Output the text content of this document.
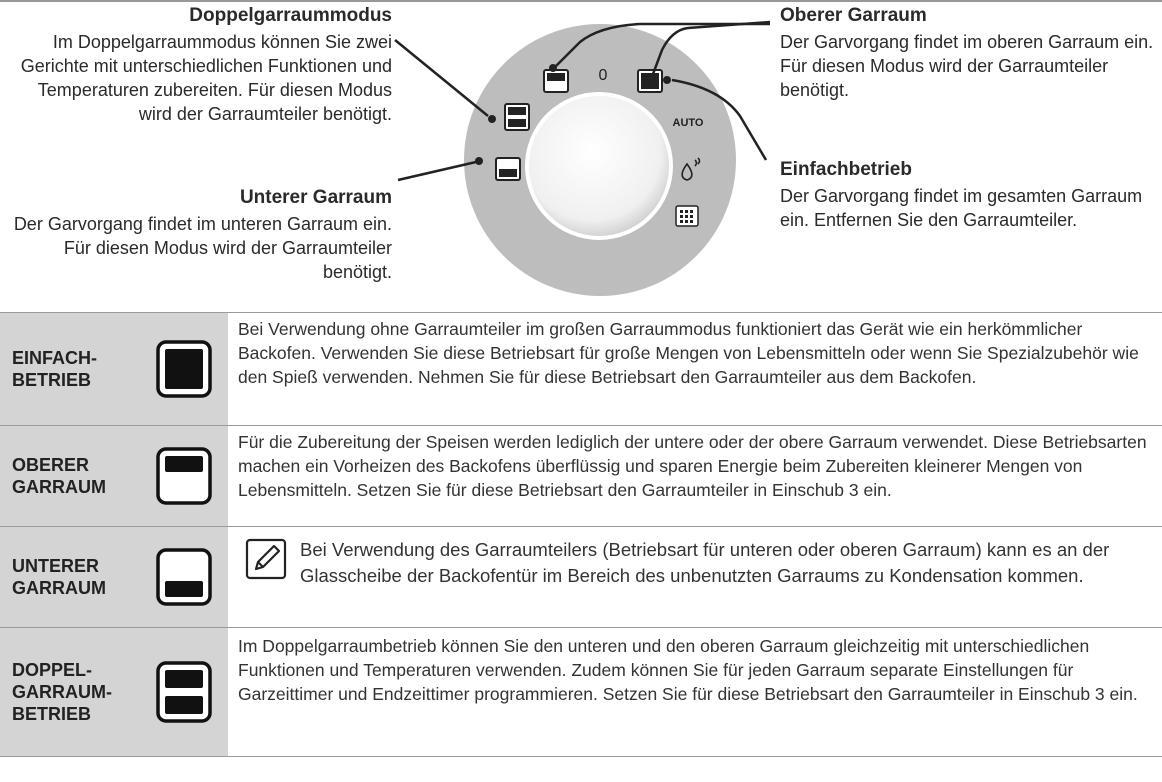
0
AUTO
Doppelgarraummodus
Im Doppelgarraummodus können Sie zwei Gerichte mit unterschiedlichen Funktionen und Temperaturen zubereiten. Für diesen Modus wird der Garraumteiler benötigt.
Unterer Garraum
Der Garvorgang findet im unteren Garraum ein. Für diesen Modus wird der Garraumteiler benötigt.
Oberer Garraum
Der Garvorgang findet im oberen Garraum ein. Für diesen Modus wird der Garraumteiler benötigt.
Einfachbetrieb
Der Garvorgang findet im gesamten Garraum ein. Entfernen Sie den Garraumteiler.
EINFACH-
BETRIEB
Bei Verwendung ohne Garraumteiler im großen Garraummodus funktioniert das Gerät wie ein herkömmlicher Backofen. Verwenden Sie diese Betriebsart für große Mengen von Lebensmitteln oder wenn Sie Spezialzubehör wie den Spieß verwenden. Nehmen Sie für diese Betriebsart den Garraumteiler aus dem Backofen.
OBERER
GARRAUM
Für die Zubereitung der Speisen werden lediglich der untere oder der obere Garraum verwendet. Diese Betriebsarten machen ein Vorheizen des Backofens überflüssig und sparen Energie beim Zubereiten kleinerer Mengen von Lebensmitteln. Setzen Sie für diese Betriebsart den Garraumteiler in Einschub 3 ein.
UNTERER
GARRAUM
Bei Verwendung des Garraumteilers (Betriebsart für unteren oder oberen Garraum) kann es an der Glasscheibe der Backofentür im Bereich des unbenutzten Garraums zu Kondensation kommen.
DOPPEL-
GARRAUM-
BETRIEB
Im Doppelgarraumbetrieb können Sie den unteren und den oberen Garraum gleichzeitig mit unterschiedlichen Funktionen und Temperaturen verwenden. Zudem können Sie für jeden Garraum separate Einstellungen für Garzeittimer und Endzeittimer programmieren. Setzen Sie für diese Betriebsart den Garraumteiler in Einschub 3 ein.
